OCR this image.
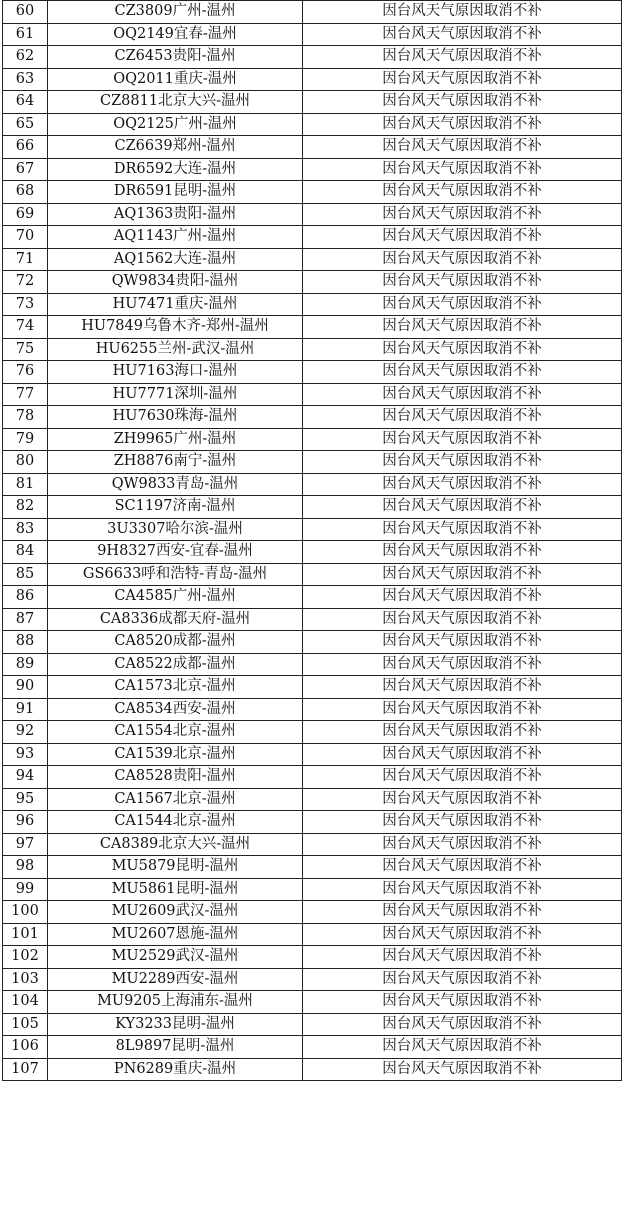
60	CZ3809广州-温州	因台风天气原因取消不补
61	OQ2149宜春-温州	因台风天气原因取消不补
62	CZ6453贵阳-温州	因台风天气原因取消不补
63	OQ2011重庆-温州	因台风天气原因取消不补
64	CZ8811北京大兴-温州	因台风天气原因取消不补
65	OQ2125广州-温州	因台风天气原因取消不补
66	CZ6639郑州-温州	因台风天气原因取消不补
67	DR6592大连-温州	因台风天气原因取消不补
68	DR6591昆明-温州	因台风天气原因取消不补
69	AQ1363贵阳-温州	因台风天气原因取消不补
70	AQ1143广州-温州	因台风天气原因取消不补
71	AQ1562大连-温州	因台风天气原因取消不补
72	QW9834贵阳-温州	因台风天气原因取消不补
73	HU7471重庆-温州	因台风天气原因取消不补
74	HU7849乌鲁木齐-郑州-温州	因台风天气原因取消不补
75	HU6255兰州-武汉-温州	因台风天气原因取消不补
76	HU7163海口-温州	因台风天气原因取消不补
77	HU7771深圳-温州	因台风天气原因取消不补
78	HU7630珠海-温州	因台风天气原因取消不补
79	ZH9965广州-温州	因台风天气原因取消不补
80	ZH8876南宁-温州	因台风天气原因取消不补
81	QW9833青岛-温州	因台风天气原因取消不补
82	SC1197济南-温州	因台风天气原因取消不补
83	3U3307哈尔滨-温州	因台风天气原因取消不补
84	9H8327西安-宜春-温州	因台风天气原因取消不补
85	GS6633呼和浩特-青岛-温州	因台风天气原因取消不补
86	CA4585广州-温州	因台风天气原因取消不补
87	CA8336成都天府-温州	因台风天气原因取消不补
88	CA8520成都-温州	因台风天气原因取消不补
89	CA8522成都-温州	因台风天气原因取消不补
90	CA1573北京-温州	因台风天气原因取消不补
91	CA8534西安-温州	因台风天气原因取消不补
92	CA1554北京-温州	因台风天气原因取消不补
93	CA1539北京-温州	因台风天气原因取消不补
94	CA8528贵阳-温州	因台风天气原因取消不补
95	CA1567北京-温州	因台风天气原因取消不补
96	CA1544北京-温州	因台风天气原因取消不补
97	CA8389北京大兴-温州	因台风天气原因取消不补
98	MU5879昆明-温州	因台风天气原因取消不补
99	MU5861昆明-温州	因台风天气原因取消不补
100	MU2609武汉-温州	因台风天气原因取消不补
101	MU2607恩施-温州	因台风天气原因取消不补
102	MU2529武汉-温州	因台风天气原因取消不补
103	MU2289西安-温州	因台风天气原因取消不补
104	MU9205上海浦东-温州	因台风天气原因取消不补
105	KY3233昆明-温州	因台风天气原因取消不补
106	8L9897昆明-温州	因台风天气原因取消不补
107	PN6289重庆-温州	因台风天气原因取消不补
